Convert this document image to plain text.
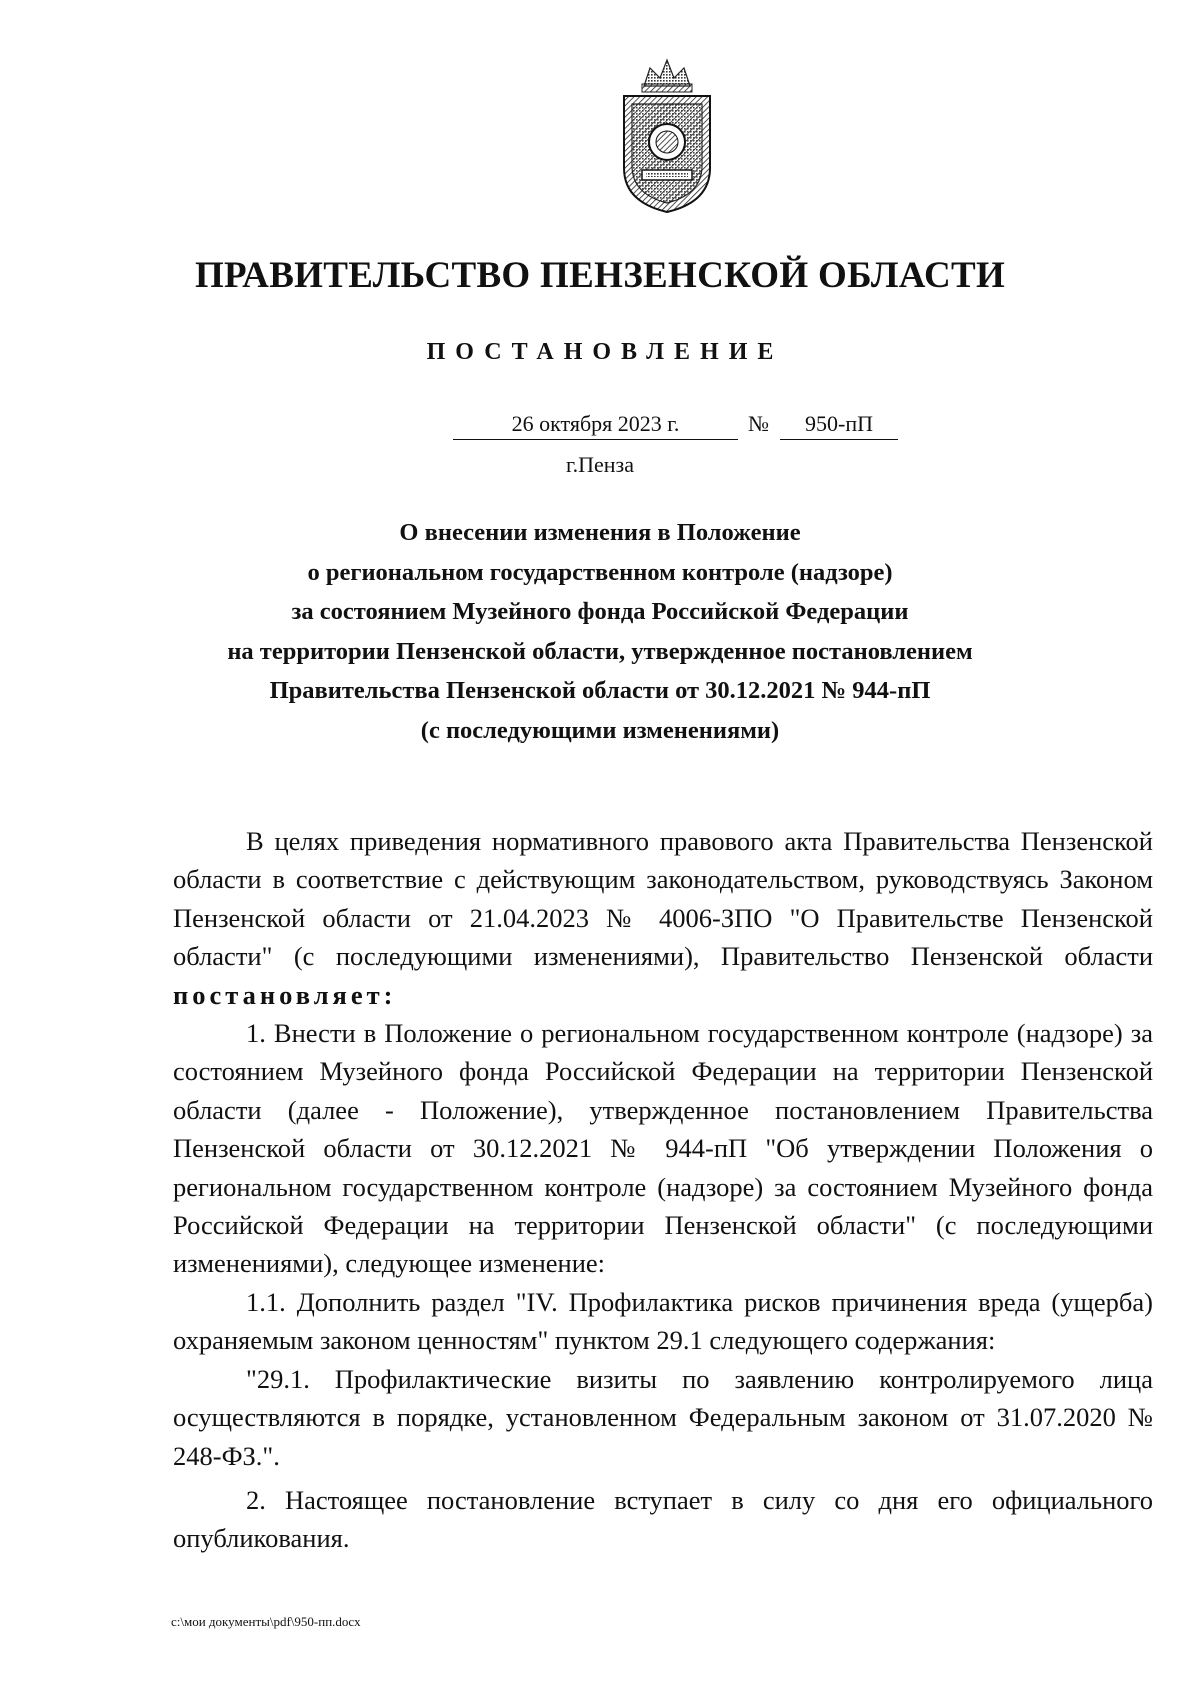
ПРАВИТЕЛЬСТВО ПЕНЗЕНСКОЙ ОБЛАСТИ
ПОСТАНОВЛЕНИЕ
26 октября 2023 г.	№	950-пП
г.Пенза
О внесении изменения в Положение
о региональном государственном контроле (надзоре)
за состоянием Музейного фонда Российской Федерации
на территории Пензенской области, утвержденное постановлением
Правительства Пензенской области от 30.12.2021 № 944-пП
(с последующими изменениями)

В целях приведения нормативного правового акта Правительства Пензенской области в соответствие с действующим законодательством, руководствуясь Законом Пензенской области от 21.04.2023 № 4006-ЗПО "О Правительстве Пензенской области" (с последующими изменениями), Правительство Пензенской области постановляет:

1. Внести в Положение о региональном государственном контроле (надзоре) за состоянием Музейного фонда Российской Федерации на территории Пензенской области (далее - Положение), утвержденное постановлением Правительства Пензенской области от 30.12.2021 № 944-пП "Об утверждении Положения о региональном государственном контроле (надзоре) за состоянием Музейного фонда Российской Федерации на территории Пензенской области" (с последующими изменениями), следующее изменение:

1.1. Дополнить раздел "IV. Профилактика рисков причинения вреда (ущерба) охраняемым законом ценностям" пунктом 29.1 следующего содержания:

"29.1. Профилактические визиты по заявлению контролируемого лица осуществляются в порядке, установленном Федеральным законом от 31.07.2020 № 248-ФЗ.".

2. Настоящее постановление вступает в силу со дня его официального опубликования.

c:\мои документы\pdf\950-пп.docx
